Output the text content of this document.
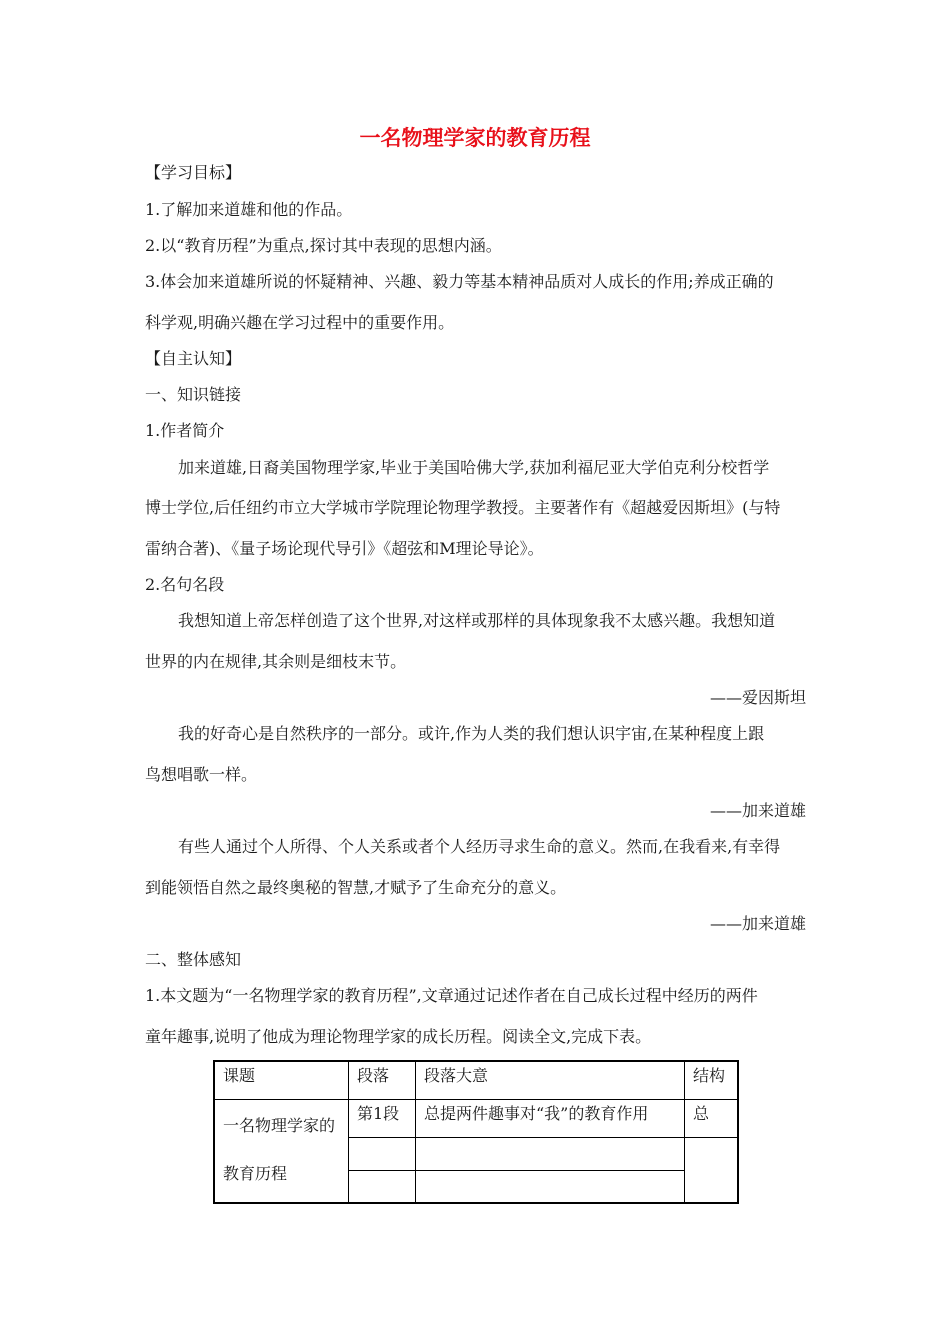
一名物理学家的教育历程
【学习目标】
1.了解加来道雄和他的作品。
2.以“教育历程”为重点,探讨其中表现的思想内涵。
3.体会加来道雄所说的怀疑精神、兴趣、毅力等基本精神品质对人成长的作用;养成正确的
科学观,明确兴趣在学习过程中的重要作用。
【自主认知】
一、知识链接
1.作者简介
加来道雄,日裔美国物理学家,毕业于美国哈佛大学,获加利福尼亚大学伯克利分校哲学
博士学位,后任纽约市立大学城市学院理论物理学教授。主要著作有《超越爱因斯坦》(与特
雷纳合著)、《量子场论现代导引》《超弦和M理论导论》。
2.名句名段
我想知道上帝怎样创造了这个世界,对这样或那样的具体现象我不太感兴趣。我想知道
世界的内在规律,其余则是细枝末节。
——爱因斯坦
我的好奇心是自然秩序的一部分。或许,作为人类的我们想认识宇宙,在某种程度上跟
鸟想唱歌一样。
——加来道雄
有些人通过个人所得、个人关系或者个人经历寻求生命的意义。然而,在我看来,有幸得
到能领悟自然之最终奥秘的智慧,才赋予了生命充分的意义。
——加来道雄
二、整体感知
1.本文题为“一名物理学家的教育历程”,文章通过记述作者在自己成长过程中经历的两件
童年趣事,说明了他成为理论物理学家的成长历程。阅读全文,完成下表。
课题	段落	段落大意	结构
一名物理学家的教育历程	第1段	总提两件趣事对“我”的教育作用	总
